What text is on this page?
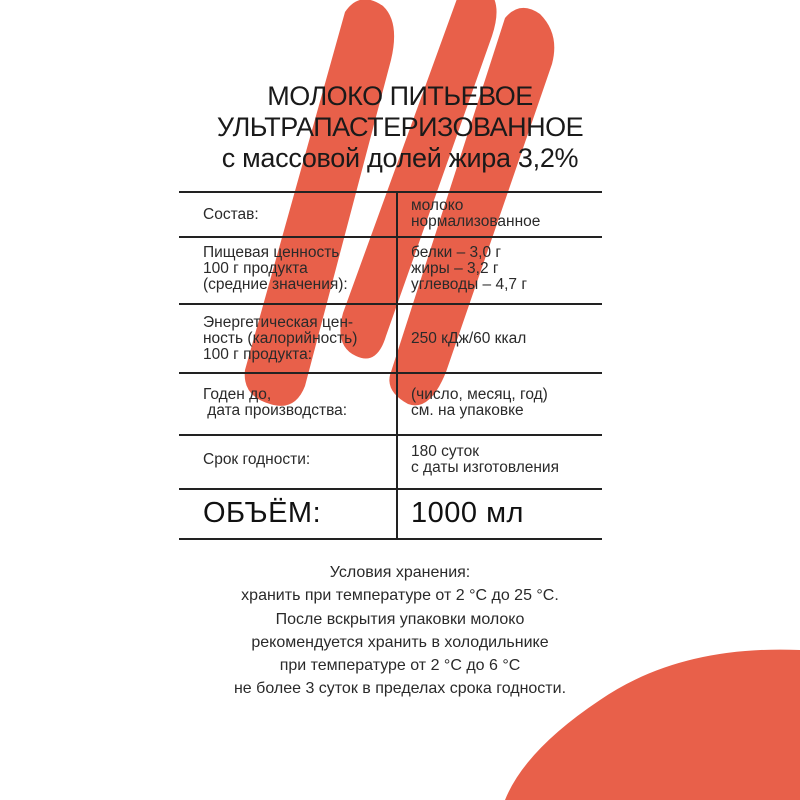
МОЛОКО ПИТЬЕВОЕ
УЛЬТРАПАСТЕРИЗОВАННОЕ
с массовой долей жира 3,2%
Состав:
молоко
нормализованное
Пищевая ценность
100 г продукта
(средние значения):
белки – 3,0 г
жиры – 3,2 г
углеводы – 4,7 г
Энергетическая цен-
ность (калорийность)
100 г продукта:
250 кДж/60 ккал
Годен до,
дата производства:
(число, месяц, год)
см. на упаковке
Срок годности:	180 суток
с даты изготовления
ОБЪЁМ:	1000 мл
Условия хранения:
хранить при температуре от 2 °С до 25 °С.
После вскрытия упаковки молоко
рекомендуется хранить в холодильнике
при температуре от 2 °С до 6 °С
не более 3 суток в пределах срока годности.
